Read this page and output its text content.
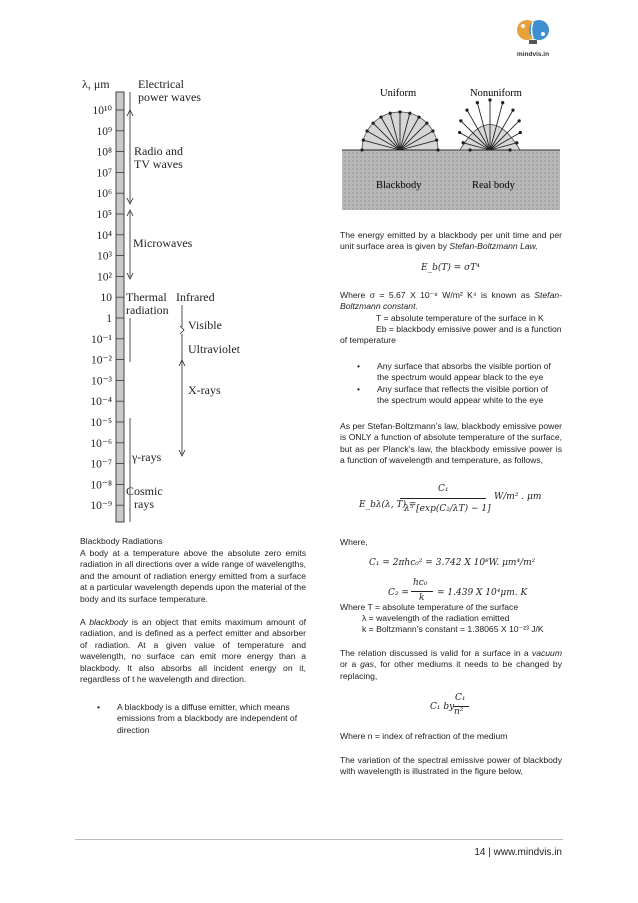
mindvis.in
λ, μm
10¹⁰
10⁹
10⁸
10⁷
10⁶
10⁵
10⁴
10³
10²
10
1
10⁻¹
10⁻²
10⁻³
10⁻⁴
10⁻⁵
10⁻⁶
10⁻⁷
10⁻⁸
10⁻⁹
Electrical
power waves
Radio and
TV waves
Microwaves
Thermal
radiation
Infrared
Visible
Ultraviolet
X-rays
γ-rays
Cosmic
rays
Uniform	Nonuniform
Blackbody	Real body
Blackbody Radiations
A body at a temperature above the absolute zero emits radiation in all directions over a wide range of wavelengths, and the amount of radiation energy emitted from a surface at a particular wavelength depends upon the material of the body and its surface temperature.
A blackbody is an object that emits maximum amount of radiation, and is defined as a perfect emitter and absorber of radiation. At a given value of temperature and wavelength, no surface can emit more energy than a blackbody. It also absorbs all incident energy on it, regardless of t he wavelength and direction.
• A blackbody is a diffuse emitter, which means
emissions from a blackbody are independent of
direction
The energy emitted by a blackbody per unit time and per unit surface area is given by Stefan-Boltzmann Law,
E_b(T) = σT⁴
Where σ = 5.67 X 10⁻⁸ W/m² K⁴ is known as Stefan-Boltzmann constant.
T = absolute temperature of the surface in K
Eb = blackbody emissive power and is a function of temperature
• Any surface that absorbs the visible portion of
the spectrum would appear black to the eye
• Any surface that reflects the visible portion of
the spectrum would appear white to the eye
As per Stefan-Boltzmann’s law, blackbody emissive power is ONLY a function of absolute temperature of the surface, but as per Planck’s law, the blackbody emissive power is a function of wavelength and temperature, as follows,
E_bλ(λ, T) =
C₁
λ⁵ [exp(C₂/λT) − 1]
W/m² . μm
Where,
C₁ = 2πhc₀² = 3.742 X 10⁸W. μm⁴/m²
C₂ =
hc₀
k = 1.439 X 10⁴μm. K
Where T = absolute temperature of the surface
λ = wavelength of the radiation emitted
k = Boltzmann’s constant = 1.38065 X 10⁻²³ J/K
The relation discussed is valid for a surface in a vacuum or a gas, for other mediums it needs to be changed by replacing,
C₁ by
C₁
n²
Where n = index of refraction of the medium
The variation of the spectral emissive power of blackbody with wavelength is illustrated in the figure below,
14 | www.mindvis.in
